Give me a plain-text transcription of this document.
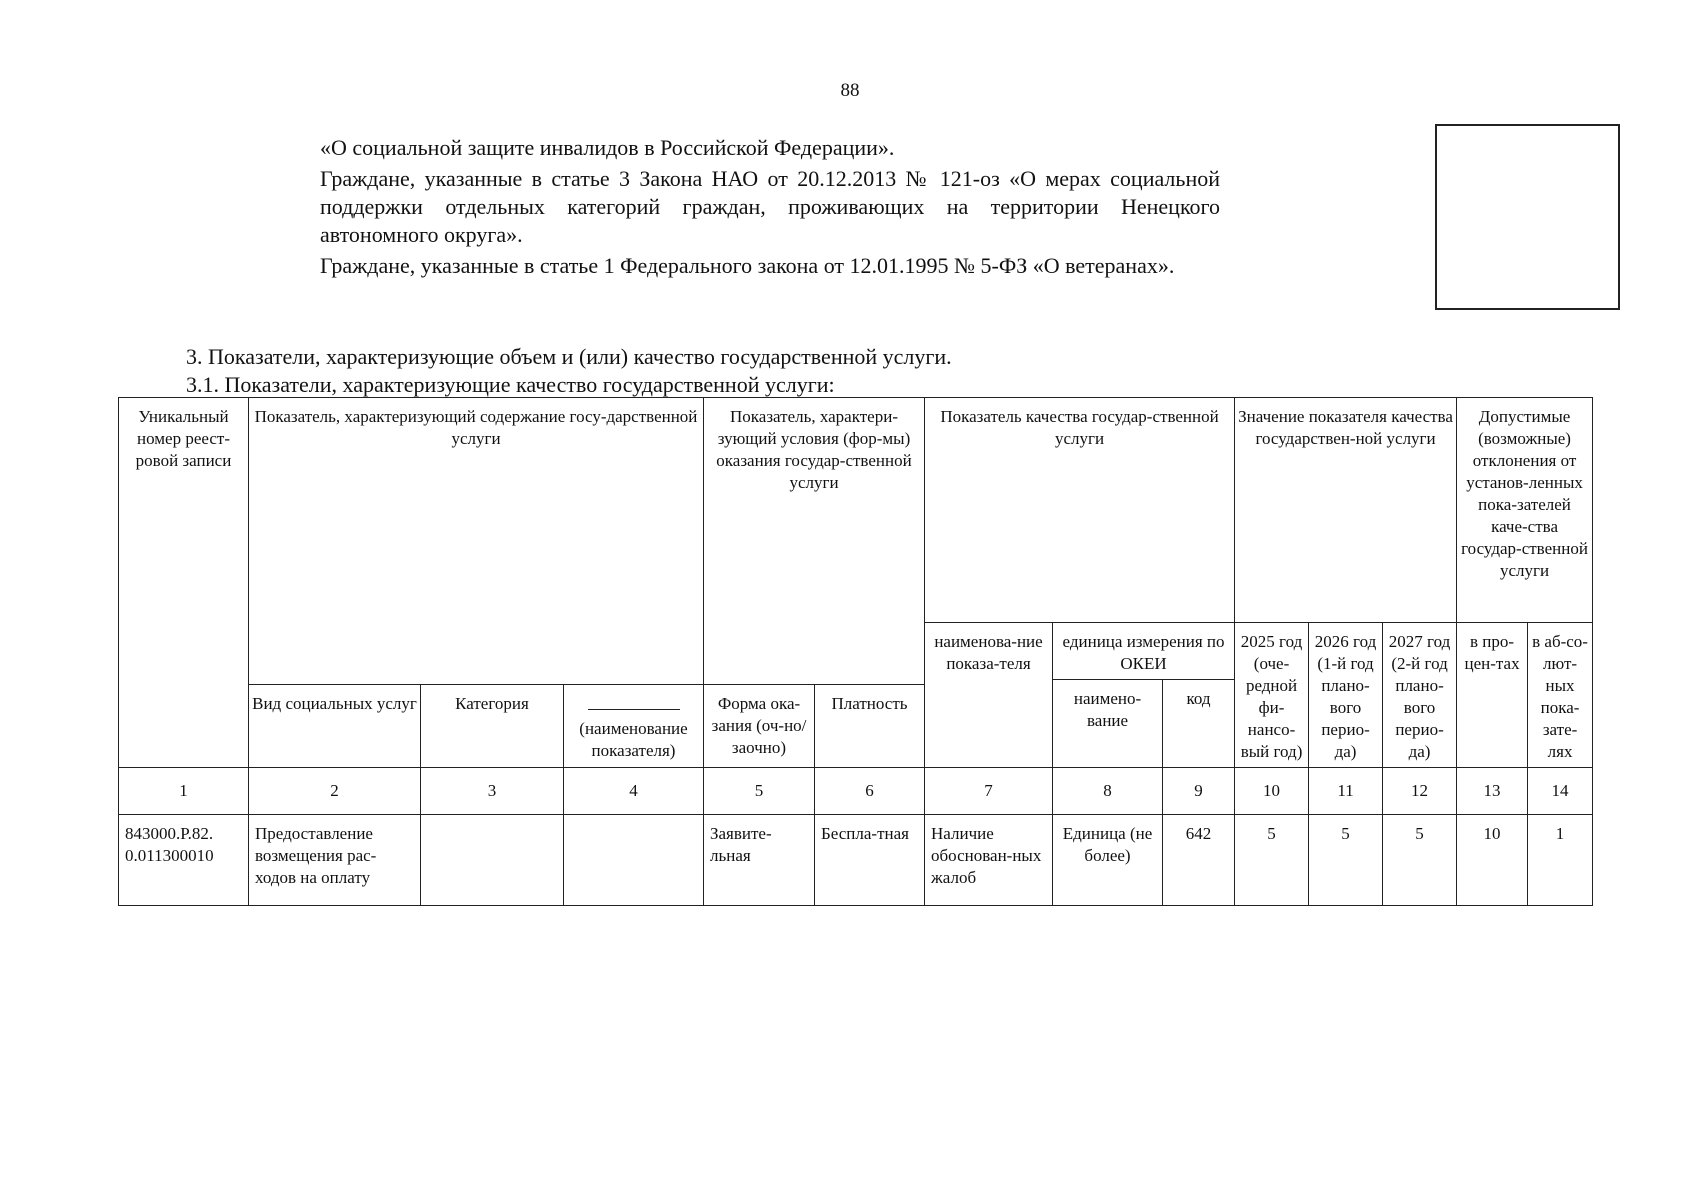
88

«О социальной защите инвалидов в Российской Федерации».

Граждане, указанные в статье 3 Закона НАО от 20.12.2013 № 121-оз «О мерах социальной поддержки отдельных категорий граждан, проживающих на территории Ненецкого автономного округа».

Граждане, указанные в статье 1 Федерального закона от 12.01.1995 № 5-ФЗ «О ветеранах».

3. Показатели, характеризующие объем и (или) качество государственной услуги.
3.1. Показатели, характеризующие качество государственной услуги:
Уникальный номер реест-ровой записи	Показатель, характеризующий содержание госу-дарственной услуги			Показатель, характери-зующий условия (фор-мы) оказания государ-ственной услуги		Показатель качества государ-ственной услуги			Значение показателя качества государствен-ной услуги			Допустимые (возможные) отклонения от установ-ленных пока-зателей каче-ства государ-ственной услуги	
						наименова-ние показа-теля	единица измерения по ОКЕИ		2025 год (оче-редной фи-нансо-вый год)	2026 год (1-й год плано-вого перио-да)	2027 год (2-й год плано-вого перио-да)	в про-цен-тах	в аб-со-лют-ных пока-зате-лях
							наимено-вание	код					
	Вид социальных услуг	Категория	(наименование показателя)	Форма ока-зания (оч-но/заочно)	Платность								
1	2	3	4	5	6	7	8	9	10	11	12	13	14
843000.Р.82. 0.011300010	Предоставление возмещения рас-ходов на оплату			Заявите-льная	Беспла-тная	Наличие обоснован-ных жалоб	Единица (не более)	642	5	5	5	10	1
